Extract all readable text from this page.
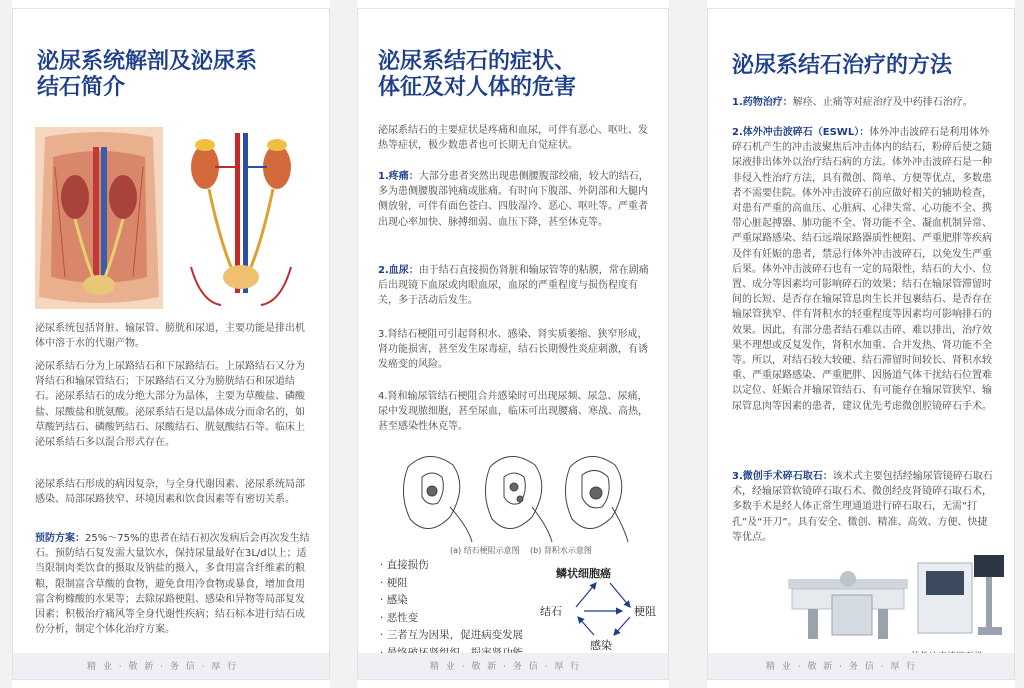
泌尿系统解剖及泌尿系
结石简介

泌尿系统包括肾脏、输尿管、膀胱和尿道，主要功能是排出机体中溶于水的代谢产物。

泌尿系结石分为上尿路结石和下尿路结石。上尿路结石又分为肾结石和输尿管结石；下尿路结石又分为膀胱结石和尿道结石。泌尿系结石的成分绝大部分为晶体，主要为草酸盐、磷酸盐、尿酸盐和胱氨酸。泌尿系结石是以晶体成分而命名的，如草酸钙结石、磷酸钙结石、尿酸结石、胱氨酸结石等。临床上泌尿系结石多以混合形式存在。

泌尿系结石形成的病因复杂，与全身代谢因素、泌尿系统局部感染、局部尿路狭窄、环境因素和饮食因素等有密切关系。

预防方案：25%～75%的患者在结石初次发病后会再次发生结石。预防结石复发需大量饮水，保持尿量最好在3L/d以上；适当限制肉类饮食的摄取及钠盐的摄入，多食用富含纤维素的粮粮，限制富含草酸的食物，避免食用冷食物或暴食，增加食用富含枸橼酸的水果等；去除尿路梗阻、感染和异物等局部复发因素；积极治疗痛风等全身代谢性疾病；结石标本进行结石成份分析，制定个体化治疗方案。

精 业 · 敬 新 · 务 信 · 厚 行
泌尿系结石的症状、
体征及对人体的危害

泌尿系结石的主要症状是疼痛和血尿，可伴有恶心、呕吐、发热等症状，极少数患者也可长期无自觉症状。

1.疼痛：大部分患者突然出现患侧腰腹部绞痛，较大的结石，多为患侧腰腹部钝痛或胀痛。有时向下腹部、外阴部和大腿内侧放射，可伴有面色苍白、四肢湿冷、恶心、呕吐等。严重者出现心率加快、脉搏细弱、血压下降，甚至休克等。

2.血尿：由于结石直接损伤肾脏和输尿管等的粘膜，常在剧痛后出现镜下血尿或肉眼血尿，血尿的严重程度与损伤程度有关，多于活动后发生。

3.肾结石梗阻可引起肾积水、感染、肾实质萎缩、狭窄形成，肾功能损害，甚至发生尿毒症，结石长期慢性炎症刺激，有诱发癌变的风险。

4.肾和输尿管结石梗阻合并感染时可出现尿频、尿急、尿痛，尿中发现脓细胞，甚至尿血，临床可出现腰痛、寒战、高热，甚至感染性休克等。

(a) 结石梗阻示意图 (b) 肾积水示意图
· 直接损伤
· 梗阻
· 感染
· 恶性变
· 三者互为因果，促进病变发展
·
鳞状细胞癌
结石	梗阻
感染
精 业 · 敬 新 · 务 信 · 厚 行
泌尿系结石治疗的方法

1.药物治疗：解痉、止痛等对症治疗及中药排石治疗。

2.体外冲击波碎石（ESWL）：体外冲击波碎石是利用体外碎石机产生的冲击波聚焦后冲击体内的结石，粉碎后使之随尿液排出体外以治疗结石病的方法。体外冲击波碎石是一种非侵入性治疗方法，具有微创、简单、方便等优点，多数患者不需要住院。体外冲击波碎石前应做好相关的辅助检查，对患有严重的高血压、心脏病、心律失常、心功能不全、携带心脏起搏器、肺功能不全、肾功能不全、凝血机制异常、严重尿路感染、结石远端尿路器质性梗阻、严重肥胖等疾病及伴有妊娠的患者，禁忌行体外冲击波碎石，以免发生严重后果。体外冲击波碎石也有一定的局限性，结石的大小、位置、成分等因素均可影响碎石的效果；结石在输尿管滞留时间的长短、是否存在输尿管息肉生长并包裹结石、是否存在输尿管狭窄、伴有肾积水的轻重程度等因素均可影响排石的效果。因此，有部分患者结石难以击碎、难以排出，治疗效果不理想或反复发作，肾积水加重、合并发热、肾功能不全等。所以，对结石较大较硬、结石滞留时间较长、肾积水较重、严重尿路感染、严重肥胖、因肠道气体干扰结石位置难以定位、妊娠合并输尿管结石、有可能存在输尿管狭窄、输尿管息肉等因素的患者，建议优先考虑微创腔镜碎石手术。

3.微创手术碎石取石：该术式主要包括经输尿管镜碎石取石术，经输尿管软镜碎石取石术、微创经皮肾镜碎石取石术，多数手术是经人体正常生理通道进行碎石取石，无需“打孔”及“开刀”。具有安全、微创、精准、高效、方便、快捷等优点。

精 业 · 敬 新 · 务 信 · 厚 行
